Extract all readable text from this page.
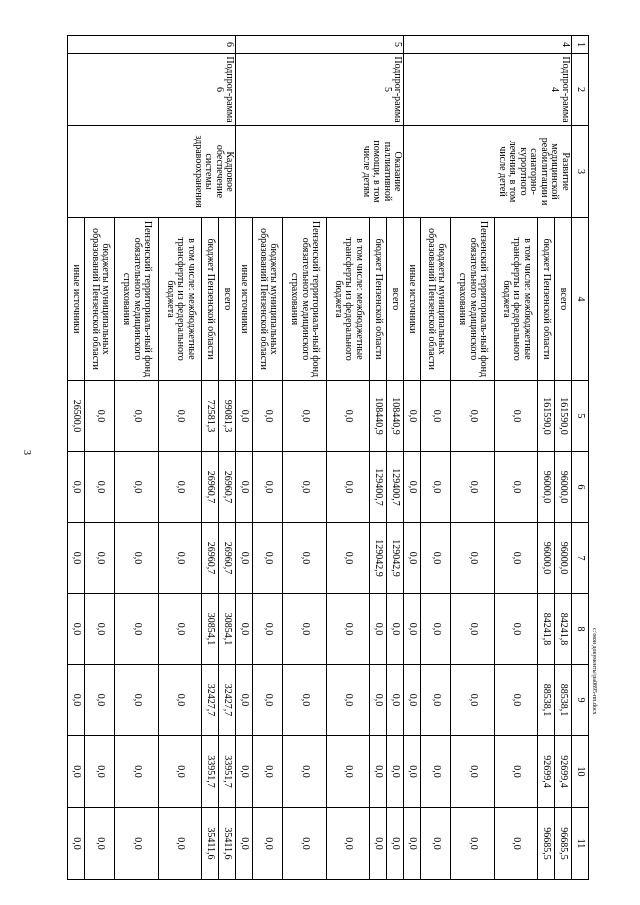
3
1	2	3	4	5	6	7	8	9	10	11
4	Подпрог-рамма 4	Развитие медицинской реабилитации и санаторно-курортного лечения, в том числе детей	всего	161590,0	96000,0	96000,0	84241,8	88538,1	92699,4	96685,5
			бюджет Пензенской области	161590,0	96000,0	96000,0	84241,8	88538,1	92699,4	96685,5
			в том числе: межбюджетные трансферты из федерального бюджета	0,0	0,0	0,0	0,0	0,0	0,0	0,0
			Пензенский территориаль-ный фонд обязательного медицинского страхования	0,0	0,0	0,0	0,0	0,0	0,0	0,0
			бюджеты муниципальных образований Пензенской области	0,0	0,0	0,0	0,0	0,0	0,0	0,0
			иные источники	0,0	0,0	0,0	0,0	0,0	0,0	0,0
5	Подпрог-рамма 5	Оказание паллиативной помощи, в том числе детям	всего	108440,9	129400,7	129042,9	0,0	0,0	0,0	0,0
			бюджет Пензенской области	108440,9	129400,7	129042,9	0,0	0,0	0,0	0,0
			в том числе: межбюджетные трансферты из федерального бюджета	0,0	0,0	0,0	0,0	0,0	0,0	0,0
			Пензенский территориаль-ный фонд обязательного медицинского страхования	0,0	0,0	0,0	0,0	0,0	0,0	0,0
			бюджеты муниципальных образований Пензенской области	0,0	0,0	0,0	0,0	0,0	0,0	0,0
			иные источники	0,0	0,0	0,0	0,0	0,0	0,0	0,0
6	Подпрог-рамма 6	Кадровое обеспечение системы здравоохранения	всего	99081,3	26960,7	26960,7	30854,1	32427,7	33951,7	35411,6
			бюджет Пензенской области	72581,3	26960,7	26960,7	30854,1	32427,7	33951,7	35411,6
			в том числе: межбюджетные трансферты из федерального бюджета	0,0	0,0	0,0	0,0	0,0	0,0	0,0
			Пензенский территориаль-ный фонд обязательного медицинского страхования	0,0	0,0	0,0	0,0	0,0	0,0	0,0
			бюджеты муниципальных образований Пензенской области	0,0	0,0	0,0	0,0	0,0	0,0	0,0
			иные источники	26500,0	0,0	0,0	0,0	0,0	0,0	0,0
c:\мои документы\ра0895-пп.docx
